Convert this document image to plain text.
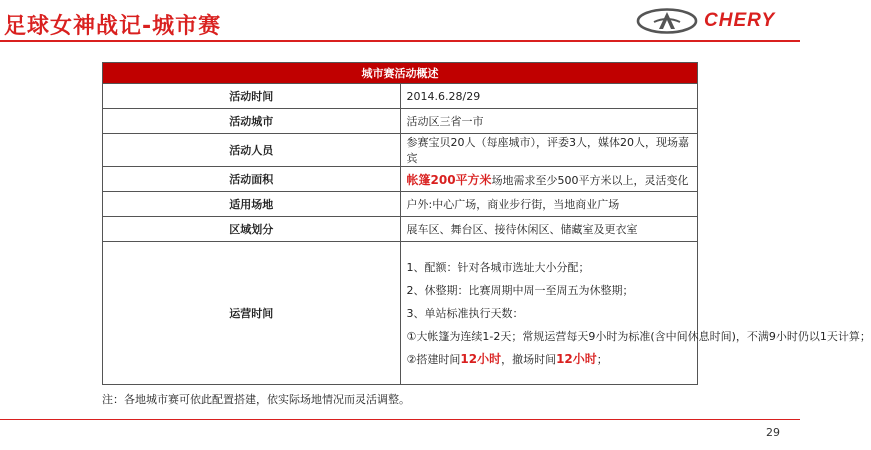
足球女神战记-城市赛	CHERY
城市赛活动概述	
活动时间	2014.6.28/29
活动城市	活动区三省一市
活动人员	参赛宝贝20人（每座城市），评委3人，媒体20人，现场嘉宾
活动面积	帐篷200平方米场地需求至少500平方米以上，灵活变化
适用场地	户外:中心广场，商业步行街，当地商业广场
区域划分	展车区、舞台区、接待休闲区、储藏室及更衣室
运营时间	1、配额：针对各城市选址大小分配；
2、休整期：比赛周期中周一至周五为休整期；
3、单站标准执行天数：
①大帐篷为连续1-2天；常规运营每天9小时为标准(含中间休息时间)，不满9小时仍以1天计算；
②搭建时间12小时，撤场时间12小时；
注：各地城市赛可依此配置搭建，依实际场地情况而灵活调整。
29
